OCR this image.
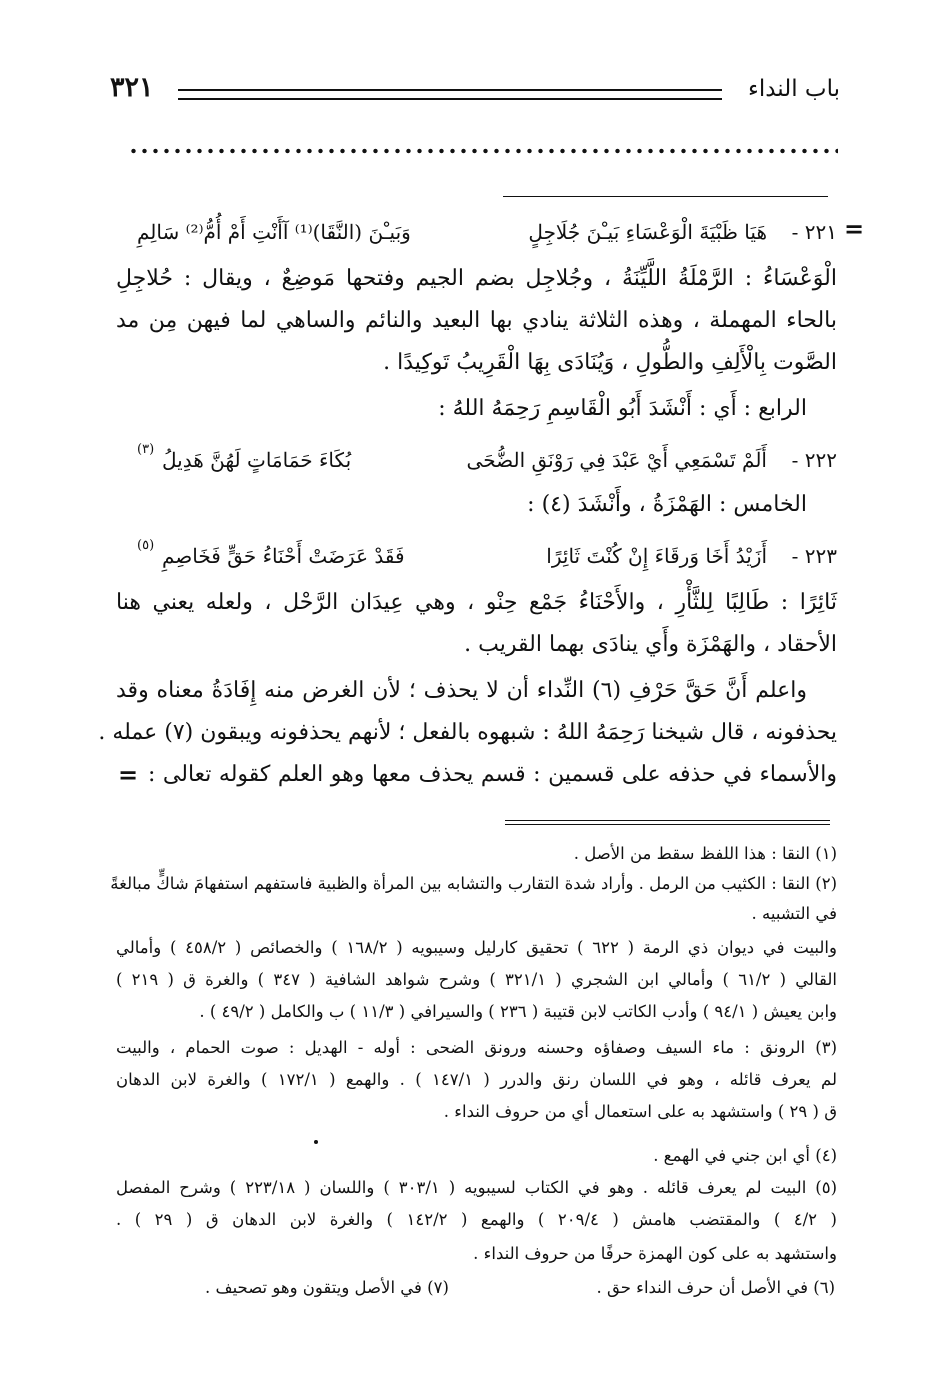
باب النداء
٣٢١
=
٢٢١ -
هَيَا ظَبْيَةَ الْوَعْسَاءِ بَيـْنَ جُلَاجِلٍ
وَبَيـْنَ (النَّقَا)⁽¹⁾ آأَنْتِ أَمْ أُمُّ⁽²⁾ سَالِمِ
الْوَعْسَاءُ : الرَّمْلَةُ اللَّيِّنَةُ ، وجُلاجِل بضم الجيم وفتحها مَوضِعٌ ، ويقال : حُلاجِلِ
بالحاء المهملة ، وهذه الثلاثة ينادي بها البعيد والنائم والساهي لما فيهن مِن مد
الصَّوت بِالْأَلِفِ والطُّولِ ، وَيُنَادَى بِهَا الْقَرِيبُ تَوكِيدًا .
الرابع : أَي : أَنْشَدَ أَبُو الْقَاسِمِ رَحِمَهُ اللهُ :
٢٢٢ -
أَلَمْ تَسْمَعِي أَيْ عَبْدَ فِي رَوْنَقِ الضُّحَى
بُكَاءَ حَمَامَاتٍ لَهُنَّ هَدِيلُ
(٣)
الخامس : الهَمْزَةُ ، وأَنْشَدَ (٤) :
٢٢٣ -
أَزَيْدُ أَخَا وَرقَاءَ إِنْ كُنْتَ ثَائِرًا
فَقَدْ عَرَضَتْ أَحْنَاءُ حَقٍّ فَخَاصِمِ
(٥)
ثَائِرًا : طَالِبًا لِلثَّأْرِ ، والأَحْنَاءُ جَمْع حِنْو ، وهي عِيدَان الرَّحْل ، ولعله يعني هنا
الأحقاد ، والهَمْزَة وأَي ينادَى بهما القريب .
واعلم أَنَّ حَقَّ حَرْفِ (٦) النِّداء أن لا يحذف ؛ لأن الغرض منه إِفَادَةُ معناه وقد
يحذفونه ، قال شيخنا رَحِمَهُ اللهُ : شبهوه بالفعل ؛ لأنهم يحذفونه ويبقون (٧) عمله .
والأسماء في حذفه على قسمين : قسم يحذف معها وهو العلم كقوله تعالى :
=
(١) النقا : هذا اللفظ سقط من الأصل .
(٢) النقا : الكثيب من الرمل . وأراد شدة التقارب والتشابه بين المرأة والظبية فاستفهم استفهامَ شاكٍّ مبالغةً
في التشبيه .
والبيت في ديوان ذي الرمة ( ٦٢٢ ) تحقيق كارليل وسيبويه ( ١٦٨/٢ ) والخصائص ( ٤٥٨/٢ ) وأمالي
القالي ( ٦١/٢ ) وأمالي ابن الشجري ( ٣٢١/١ ) وشرح شواهد الشافية ( ٣٤٧ ) والغرة ق ( ٢١٩ )
وابن يعيش ( ٩٤/١ ) وأدب الكاتب لابن قتيبة ( ٢٣٦ ) والسيرافي ( ١١/٣ ) ب والكامل ( ٤٩/٢ ) .
(٣) الرونق : ماء السيف وصفاؤه وحسنه ورونق الضحى : أوله - الهديل : صوت الحمام ، والبيت
لم يعرف قائله ، وهو في اللسان رنق والدرر ( ١٤٧/١ ) . والهمع ( ١٧٢/١ ) والغرة لابن الدهان
ق ( ٢٩ ) واستشهد به على استعمال أي من حروف النداء .
(٤) أي ابن جني في الهمع .
(٥) البيت لم يعرف قائله . وهو في الكتاب لسيبويه ( ٣٠٣/١ ) واللسان ( ٢٢٣/١٨ ) وشرح المفصل
( ٤/٢ ) والمقتضب هامش ( ٢٠٩/٤ ) والهمع ( ١٤٢/٢ ) والغرة لابن الدهان ق ( ٢٩ ) .
واستشهد به على كون الهمزة حرفًا من حروف النداء .
(٦) في الأصل أن حرف النداء حق .
(٧) في الأصل ويتقون وهو تصحيف .
